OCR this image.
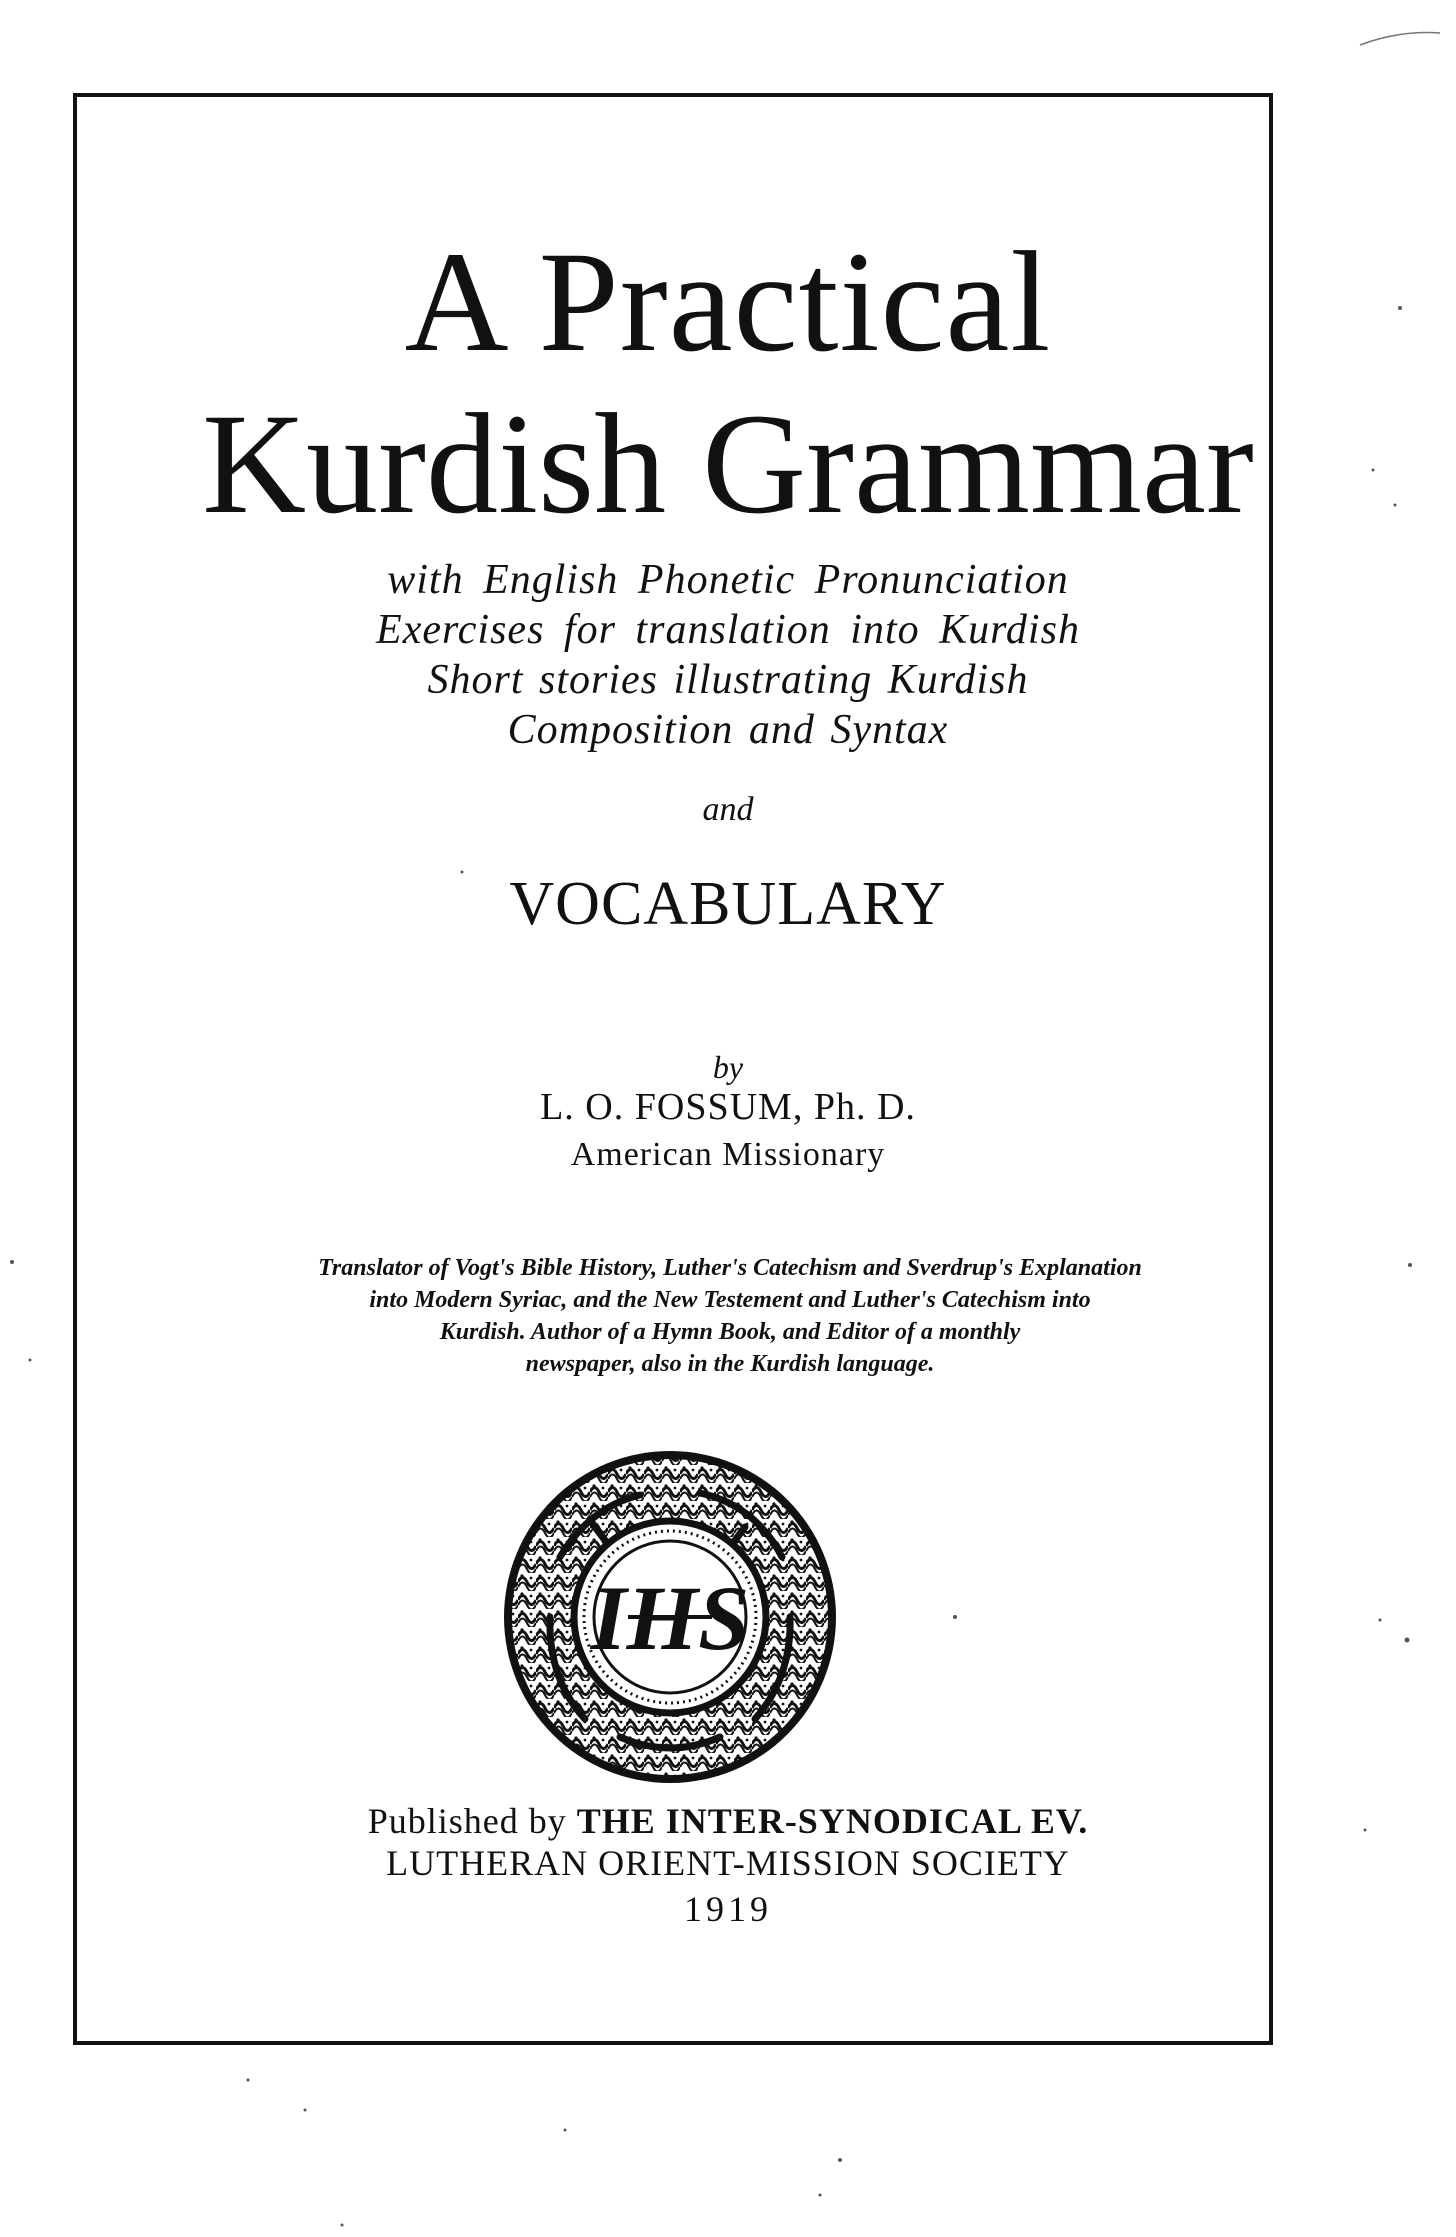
A Practical
Kurdish Grammar
with English Phonetic Pronunciation
Exercises for translation into Kurdish
Short stories illustrating Kurdish
Composition and Syntax
and
VOCABULARY
by
L. O. FOSSUM, Ph. D.
American Missionary
Translator of Vogt's Bible History, Luther's Catechism and Sverdrup's Explanation
into Modern Syriac, and the New Testement and Luther's Catechism into
Kurdish. Author of a Hymn Book, and Editor of a monthly
newspaper, also in the Kurdish language.
IHS
Published by THE INTER-SYNODICAL EV.
LUTHERAN ORIENT-MISSION SOCIETY
1919
